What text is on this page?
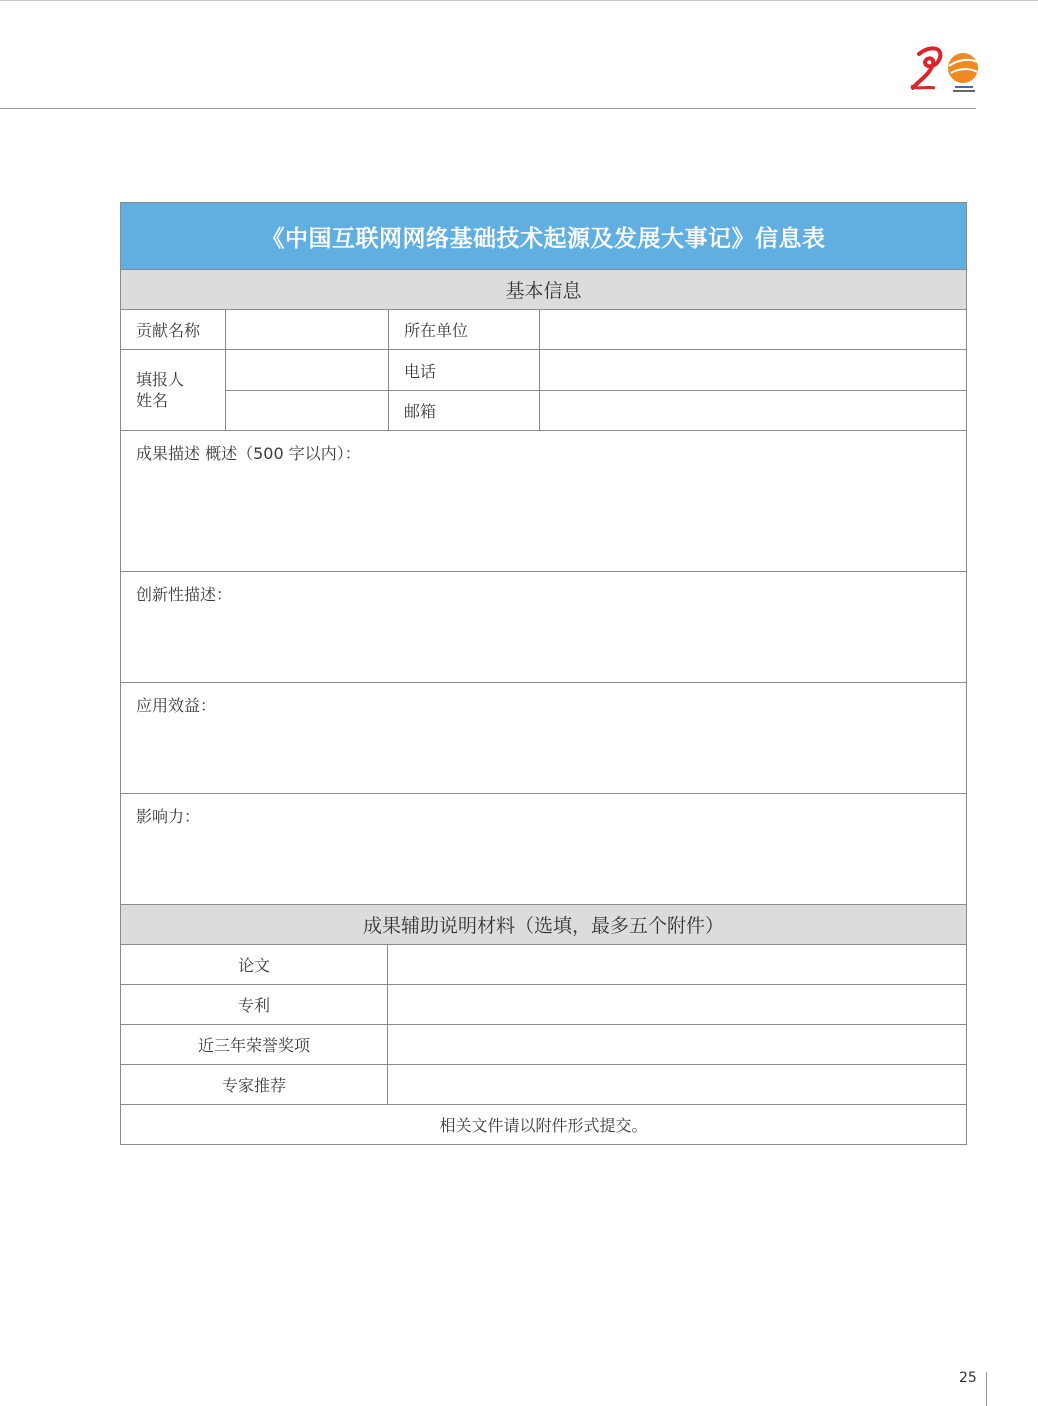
《中国互联网网络基础技术起源及发展大事记》信息表
基本信息
贡献名称	所在单位
填报人
姓名
电话
邮箱
成果描述 概述（500 字以内）：
创新性描述：
应用效益：
影响力：
成果辅助说明材料（选填，最多五个附件）
论文
专利
近三年荣誉奖项
专家推荐
相关文件请以附件形式提交。
25
